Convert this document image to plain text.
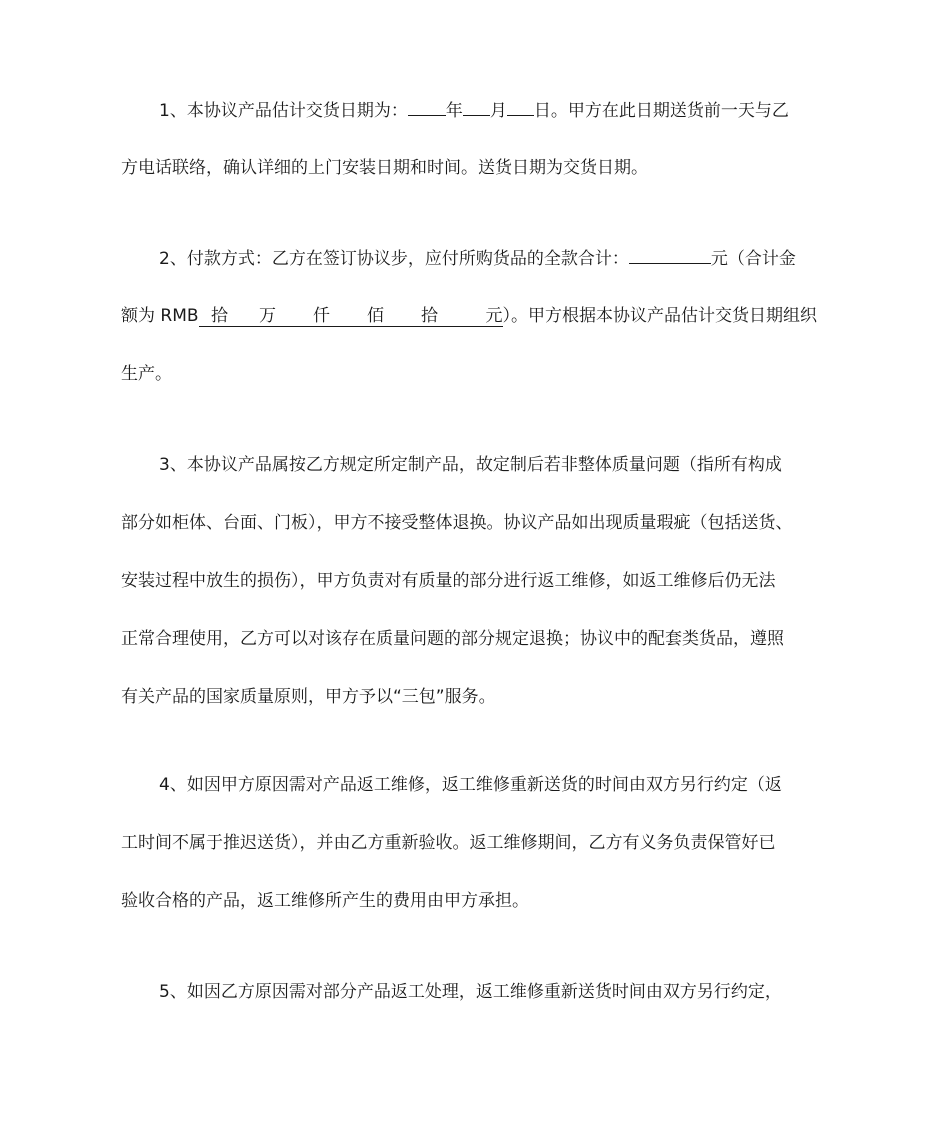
1、本协议产品估计交货日期为： 年 月 日。甲方在此日期送货前一天与乙

方电话联络，确认详细的上门安装日期和时间。送货日期为交货日期。

2、付款方式：乙方在签订协议步，应付所购货品的全款合计：	元（合计金

额为 RMB 拾 万 仟 佰 拾	元）。甲方根据本协议产品估计交货日期组织

生产。

3、本协议产品属按乙方规定所定制产品，故定制后若非整体质量问题（指所有构成

部分如柜体、台面、门板），甲方不接受整体退换。协议产品如出现质量瑕疵（包括送货、

安装过程中放生的损伤），甲方负责对有质量的部分进行返工维修，如返工维修后仍无法

正常合理使用，乙方可以对该存在质量问题的部分规定退换；协议中的配套类货品，遵照

有关产品的国家质量原则，甲方予以“三包”服务。

4、如因甲方原因需对产品返工维修，返工维修重新送货的时间由双方另行约定（返

工时间不属于推迟送货），并由乙方重新验收。返工维修期间，乙方有义务负责保管好已

验收合格的产品，返工维修所产生的费用由甲方承担。

5、如因乙方原因需对部分产品返工处理，返工维修重新送货时间由双方另行约定，
